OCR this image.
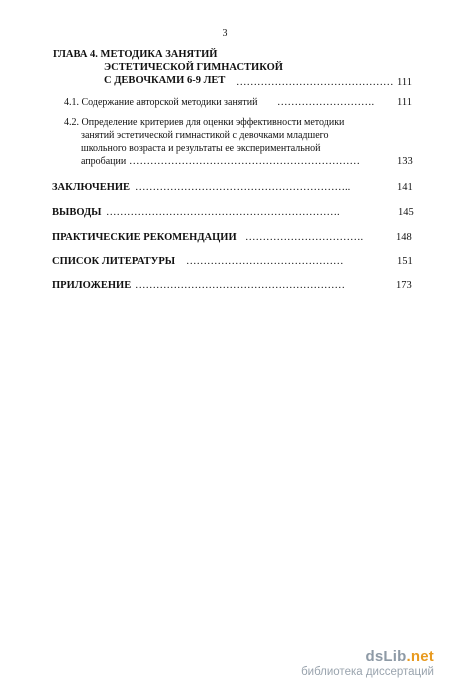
3
ГЛАВА 4. МЕТОДИКА ЗАНЯТИЙ
ЭСТЕТИЧЕСКОЙ ГИМНАСТИКОЙ
С ДЕВОЧКАМИ 6-9 ЛЕТ ……………………………………… 111
4.1. Содержание авторской методики занятий ………………………. 111
4.2. Определение критериев для оценки эффективности методики
занятий эстетической гимнастикой с девочками младшего
школьного возраста и результаты ее экспериментальной
апробации …………………………………………………………	133
ЗАКЛЮЧЕНИЕ ……………………………………………………..	141
ВЫВОДЫ ………………………………………………………….	145
ПРАКТИЧЕСКИЕ РЕКОМЕНДАЦИИ …………………………….	148
СПИСОК ЛИТЕРАТУРЫ ………………………………………	151
ПРИЛОЖЕНИЕ ……………………………………………………	173
dsLib.net
библиотека диссертаций
